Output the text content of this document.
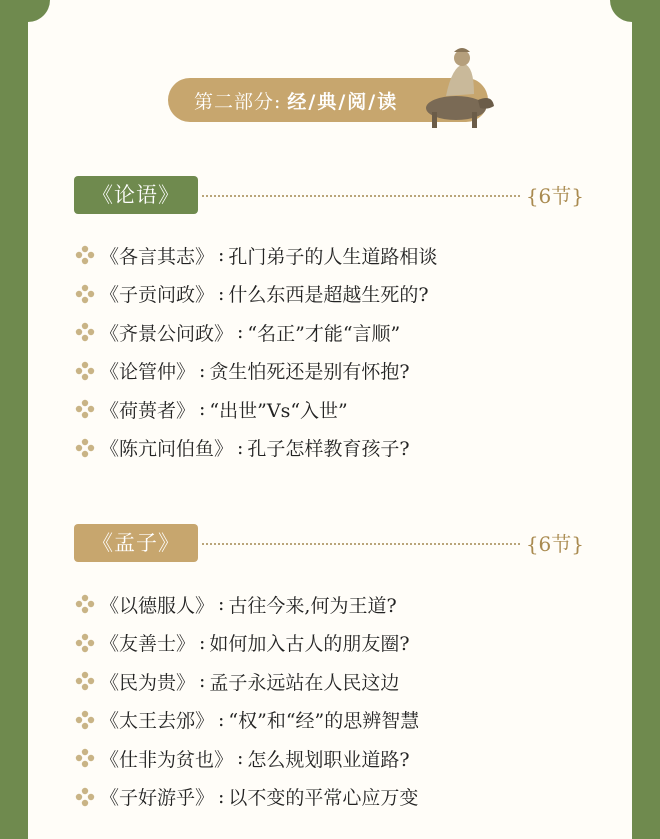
第二部分: 经/典/阅/读
《论语》	{6节}
《各言其志》 : 孔门弟子的人生道路相谈
《子贡问政》 : 什么东西是超越生死的?
《齐景公问政》 : “名正”才能“言顺”
《论管仲》 : 贪生怕死还是别有怀抱?
《荷蒉者》 : “出世”Vs“入世”
《陈亢问伯鱼》 : 孔子怎样教育孩子?
《孟子》	{6节}
《以德服人》 : 古往今来,何为王道?
《友善士》 : 如何加入古人的朋友圈?
《民为贵》 : 孟子永远站在人民这边
《太王去邠》 : “权”和“经”的思辨智慧
《仕非为贫也》 : 怎么规划职业道路?
《子好游乎》 : 以不变的平常心应万变
